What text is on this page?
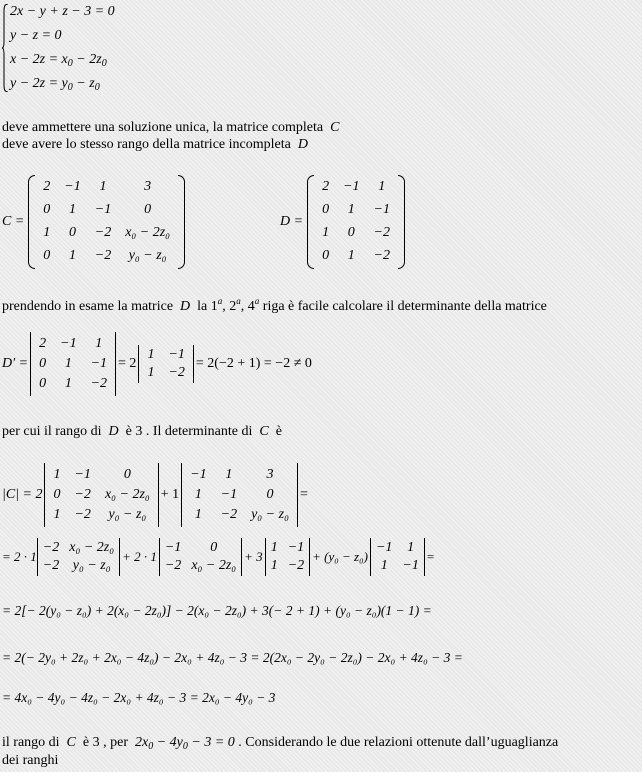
2x − y + z − 3 = 0
y − z = 0
$x - 2z = x_0 - 2z_0$
$y - 2z = y_0 - z_0$
deve ammettere una soluzione unica, la matrice completa C
deve avere lo stesso rango della matrice incompleta D
C =
2 −1 1	3
0 1 −1 0
1 0 −2 x₀ − 2z₀
0 1 −2 y₀ − z₀
D =
2 −1 1
0 1 −1
1 0 −2
0 1 −2
prendendo in esame la matrice D la 1$^a$, 2$^a$, 4$^a$ riga è facile calcolare il determinante della matrice
D′ =
2 −1 1
0 1 −1
0 1 −2
= 2
1 −1
1 −2
= 2(−2 + 1) = −2 ≠ 0
per cui il rango di D è 3 . Il determinante di C è
|C| = 2
1 −1 0
0 −2 x₀ − 2z₀
1 −2 y₀ − z₀
+ 1
−1 1 3
1 −1 0
1 −2 y₀ − z₀
=
= 2 · 1
−2 x₀ − 2z₀
−2 y₀ − z₀
+ 2 · 1
−1 0
−2 x₀ − 2z₀
+ 3
1 −1
1 −2
+ (y₀ − z₀)
−1 1
1 −1
=
= 2[− 2(y₀ − z₀) + 2(x₀ − 2z₀)] − 2(x₀ − 2z₀) + 3(− 2 + 1) + (y₀ − z₀)(1 − 1) =
= 2(− 2y₀ + 2z₀ + 2x₀ − 4z₀) − 2x₀ + 4z₀ − 3 = 2(2x₀ − 2y₀ − 2z₀) − 2x₀ + 4z₀ − 3 =
= 4x₀ − 4y₀ − 4z₀ − 2x₀ + 4z₀ − 3 = 2x₀ − 4y₀ − 3
il rango di C è 3 , per $2x_0 - 4y_0 - 3 = 0$ . Considerando le due relazioni ottenute dall’uguaglianza
dei ranghi
